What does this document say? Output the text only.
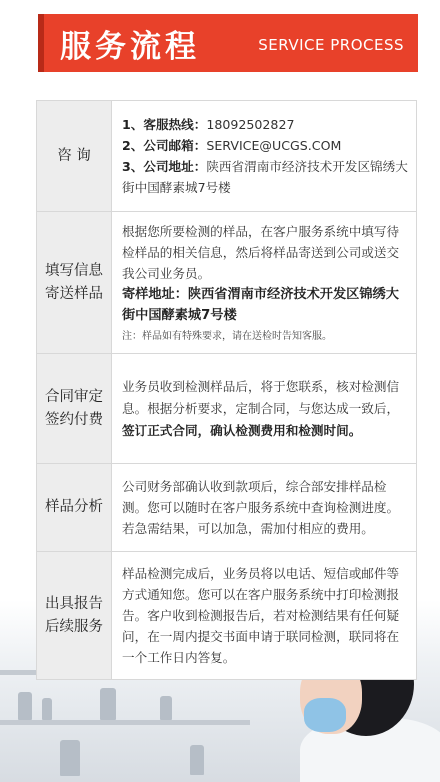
服务流程	SERVICE PROCESS
咨 询	1、客服热线：18092502827
2、公司邮箱：SERVICE@UCGS.COM
3、公司地址：陕西省渭南市经济技术开发区锦绣大街中国酵素城7号楼

填写信息
寄送样品	根据您所要检测的样品，在客户服务系统中填写待检样品的相关信息，然后将样品寄送到公司或送交我公司业务员。
寄样地址：陕西省渭南市经济技术开发区锦绣大街中国酵素城7号楼
注：样品如有特殊要求，请在送检时告知客服。

合同审定
签约付费	业务员收到检测样品后，将于您联系，核对检测信息。根据分析要求，定制合同，与您达成一致后，签订正式合同，确认检测费用和检测时间。
样品分析	公司财务部确认收到款项后，综合部安排样品检测。您可以随时在客户服务系统中查询检测进度。若急需结果，可以加急，需加付相应的费用。
出具报告
后续服务	样品检测完成后，业务员将以电话、短信或邮件等方式通知您。您可以在客户服务系统中打印检测报告。客户收到检测报告后，若对检测结果有任何疑问，在一周内提交书面申请于联同检测，联同将在一个工作日内答复。
